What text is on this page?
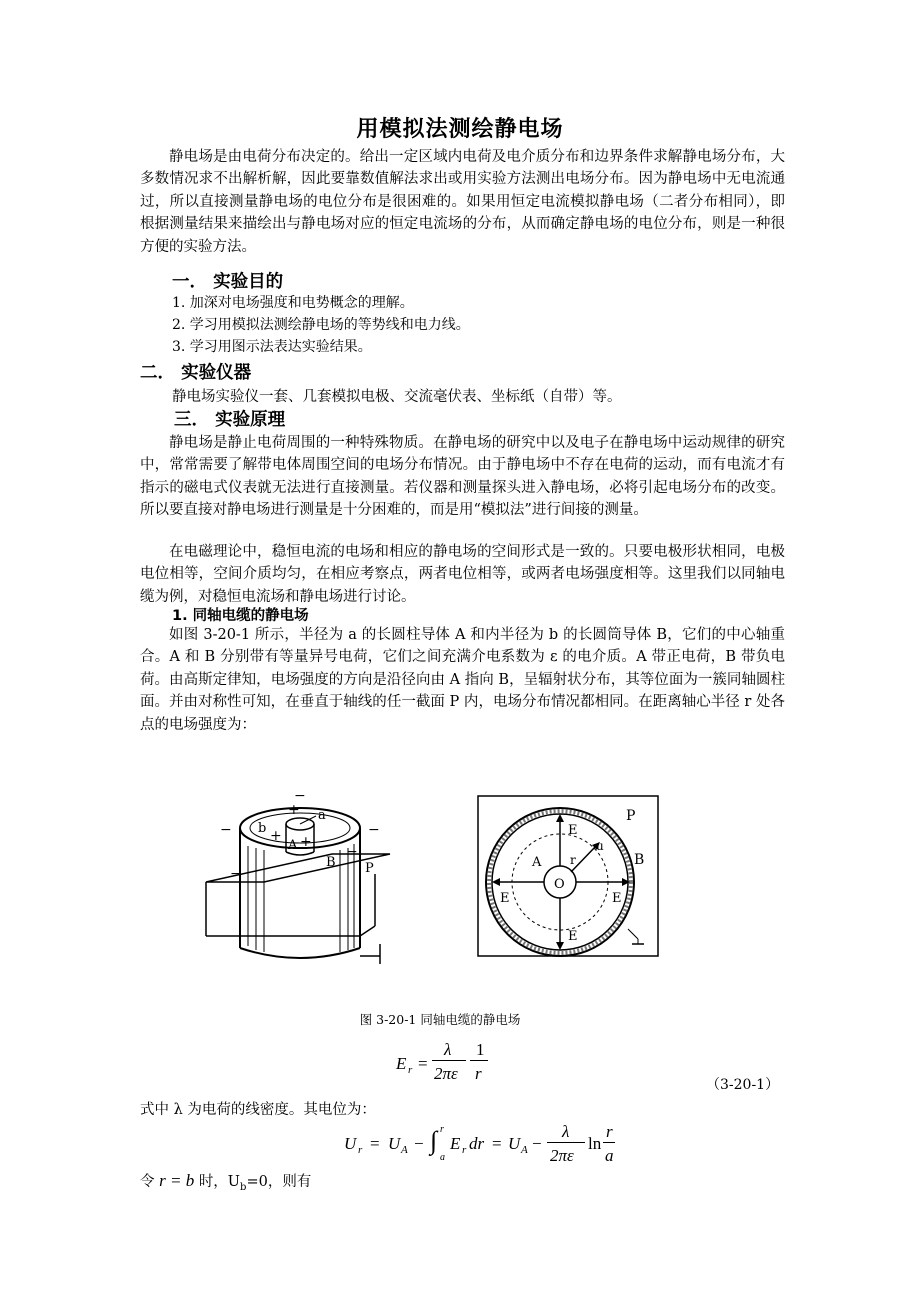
用模拟法测绘静电场
静电场是由电荷分布决定的。给出一定区域内电荷及电介质分布和边界条件求解静电场分布，大多数情况求不出解析解，因此要靠数值解法求出或用实验方法测出电场分布。因为静电场中无电流通过，所以直接测量静电场的电位分布是很困难的。如果用恒定电流模拟静电场（二者分布相同），即根据测量结果来描绘出与静电场对应的恒定电流场的分布，从而确定静电场的电位分布，则是一种很方便的实验方法。
一． 实验目的
1. 加深对电场强度和电势概念的理解。
2. 学习用模拟法测绘静电场的等势线和电力线。
3. 学习用图示法表达实验结果。
二． 实验仪器
静电场实验仪一套、几套模拟电极、交流毫伏表、坐标纸（自带）等。
三． 实验原理
静电场是静止电荷周围的一种特殊物质。在静电场的研究中以及电子在静电场中运动规律的研究中，常常需要了解带电体周围空间的电场分布情况。由于静电场中不存在电荷的运动，而有电流才有指示的磁电式仪表就无法进行直接测量。若仪器和测量探头进入静电场，必将引起电场分布的改变。所以要直接对静电场进行测量是十分困难的，而是用“模拟法”进行间接的测量。
在电磁理论中，稳恒电流的电场和相应的静电场的空间形式是一致的。只要电极形状相同，电极电位相等，空间介质均匀，在相应考察点，两者电位相等，或两者电场强度相等。这里我们以同轴电缆为例，对稳恒电流场和静电场进行讨论。
1. 同轴电缆的静电场
如图 3-20-1 所示，半径为 a 的长圆柱导体 A 和内半径为 b 的长圆筒导体 B，它们的中心轴重合。A 和 B 分别带有等量异号电荷，它们之间充满介电系数为 ε 的电介质。A 带正电荷，B 带负电荷。由高斯定律知，电场强度的方向是沿径向由 A 指向 B，呈辐射状分布，其等位面为一簇同轴圆柱面。并由对称性可知，在垂直于轴线的任一截面 P 内，电场分布情况都相同。在距离轴心半径 r 处各点的电场强度为：
−
−	−
+ +
−
−
+ a
b
A
B P
P
E
E	E
E
A
O
r
u
B
图 3-20-1 同轴电缆的静电场
E r =
λ
2πε
1
r
（3-20-1）
式中 λ 为电荷的线密度。其电位为：
U r = U A − ∫ r
a
E r dr = U A −
λ
2πε
ln
r
a
令 r = b 时，$U_b=0$，则有
